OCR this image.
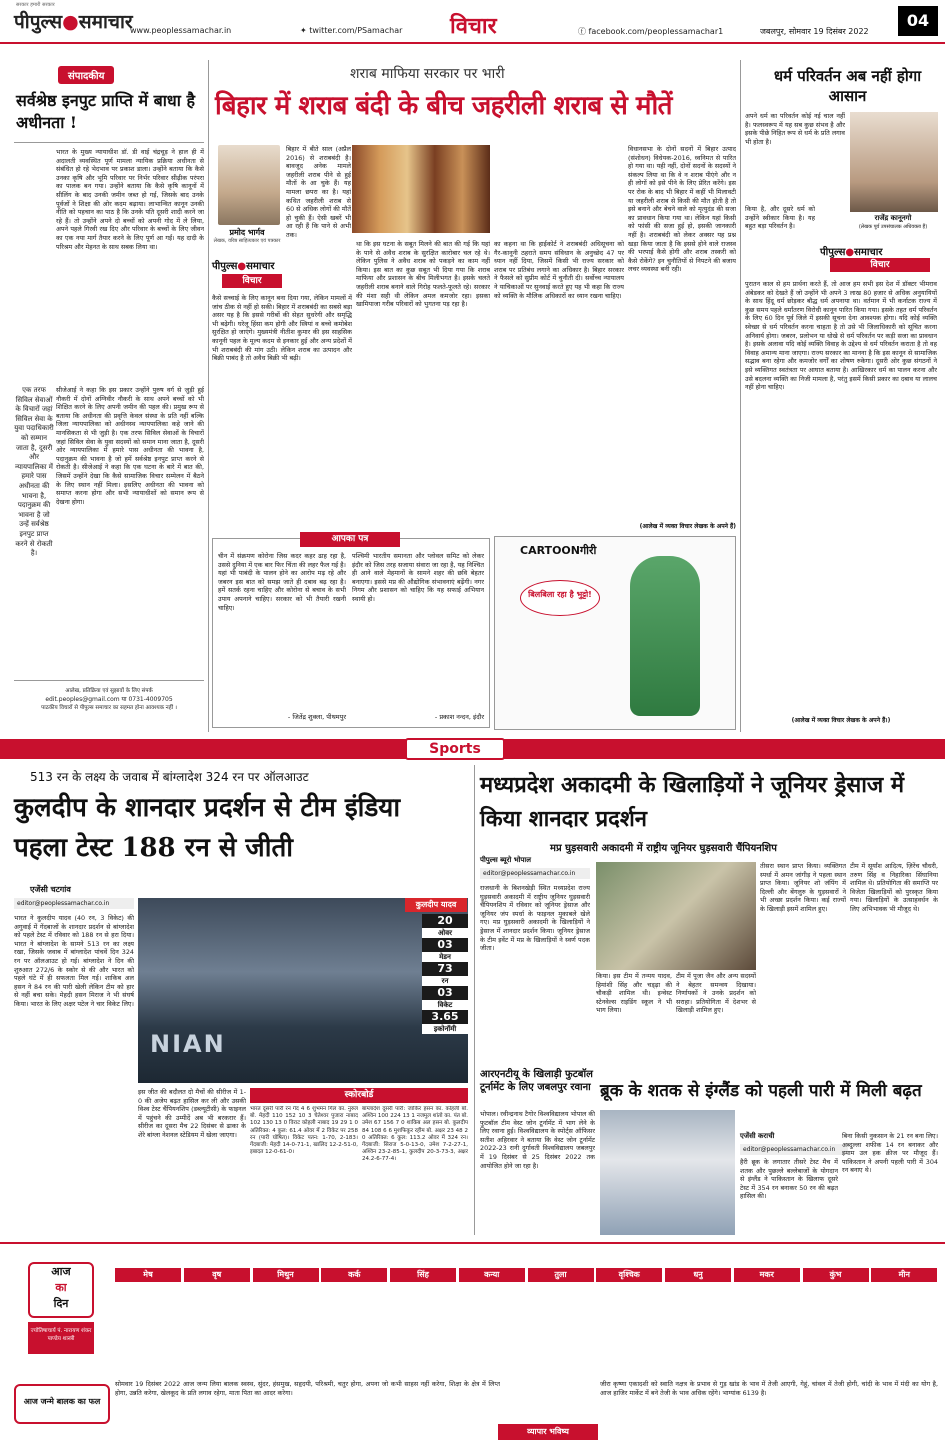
सरकार हमारी सरकार
पीपुल्स●समाचार
www.peoplessamachar.in	✦ twitter.com/PSamachar विचार	ⓕ facebook.com/peoplessamachar1	जबलपुर, सोमवार 19 दिसंबर 2022
04
संपादकीय
सर्वश्रेष्ठ इनपुट प्राप्ति में बाधा है अधीनता !
भारत के मुख्य न्यायाधीश डॉ. डी वाई चंद्रचूड़ ने हाल ही में अदालती व्यवस्थित पूर्ण मामला न्यायिक प्रक्रिया अधीनता से संबंधित हो रहे भेदभाव पर प्रकाश डाला। उन्होंने बताया कि कैसे उनका कृषि और भूमि परिवार पर निर्भर परिवार सीढ़ीक परंपरा का पालक बन गया। उन्होंने बताया कि कैसे कृषि कानूनों में सीलिंग के बाद उनकी जमीन जब्त हो गई, जिसके बाद उनके पूर्वजों ने शिक्षा की ओर कदम बढ़ाया। लाभान्वित कानून उनकी नीति को पहचान का पाठ है कि उनके पति दूसरी शादी करने जा रहे हैं। तो उन्होंने अपने दो बच्चों को अपनी गोद में ले लिया, अपने पहले गिरवी रख दिए और परिवार के बच्चों के लिए जीवन का एक नया मार्ग तैयार करने के लिए पूर्ण आ गईं। यह दादी के परिश्रम और मेहनत के साथ सबक लिया था।
एक तरफ सिविल सेवाओं के विचारों जहां सिविल सेवा के युवा पदाधिकारी को सम्मान जाता है, दूसरी और न्यायपालिका में हमारे पास अधीनता की भावना है, पदानुक्रम की भावना है जो उन्हें सर्वश्रेष्ठ इनपुट प्राप्त करने से रोकती है।
सीजेआई ने कहा कि इस प्रकार उन्होंने पुरुष वर्ग से जुड़ी हुई नौकरी में दोनों अग्निवीर नौकरी के साथ अपने बच्चों को भी शिक्षित करने के लिए अपनी जमीन की पहल की। प्रमुख रूप से बताया कि अधीनता की प्रवृत्ति केवल संस्था के प्रति नहीं बल्कि जिला न्यायपालिका को अधीनस्थ न्यायपालिका कहे जाने की मानसिकता से भी जुड़ी है। एक तरफ सिविल सेवाओं के विचारों जहां सिविल सेवा के युवा सदस्यों को समान माना जाता है, दूसरी ओर न्यायपालिका में हमारे पास अधीनता की भावना है, पदानुक्रम की भावना है जो हमें सर्वश्रेष्ठ इनपुट प्राप्त करने से रोकती है। सीजेआई ने कहा कि एक घटना के बारे में बात की, जिसमें उन्होंने देखा कि कैसे सामाजिक विचार सम्मेलन में बैठने के लिए स्थान नहीं मिला। इसलिए अधीनता की भावना को समाप्त करना होगा और सभी न्यायाधीशों को समान रूप से देखना होगा।
आलेख, प्रतिक्रिया एवं सुझावों के लिए संपर्क
edit.peoples@gmail.com या 0731-4009705
पाठकीय विचारों से पीपुल्स समाचार का सहमत होना आवश्यक नहीं ।
शराब माफिया सरकार पर भारी
बिहार में शराब बंदी के बीच जहरीली शराब से मौतें
प्रमोद भार्गव
लेखक, वरिष्ठ साहित्यकार एवं पत्रकार
पीपुल्स●समाचार
विचार
बिहार में बीते साल (अप्रैल 2016) से शराबबंदी है। बावजूद अनेक मामले जहरीली शराब पीने से हुई मौतों के आ चुके हैं। यह मामला छपरा का है। यहां कथित जहरीली शराब से 60 से अधिक लोगों की मौतें हो चुकी हैं। ऐसी खबरें भी आ रही हैं कि पाने से अभी तक।
कैसे सच्चाई के लिए कानून बना दिया गया, लेकिन मामलों में जांच ठीक से नहीं हो सकी। बिहार में शराबबंदी का सबसे बड़ा असर यह है कि इससे गरीबों की सेहत सुधरेगी और समृद्धि भी बढ़ेगी। घरेलू हिंसा कम होगी और स्त्रियां व बच्चे कमोबेश सुरक्षित हो जाएंगे। मुख्यमंत्री नीतीश कुमार की इस साहसिक कानूनी पहल के मूल्य कदम से इनकार हुई और अन्य प्रदेशों में भी शराबबंदी की मांग उठी। लेकिन शराब का उत्पादन और बिक्री पाबंद है तो अवैध बिक्री भी बढ़ी।
था कि इस घटना के सबूत मिलने की बात की गई कि यहां के पाने से अवैध शराब के सुरक्षित कारोबार चल रहे थे। लेकिन पुलिस ने अवैध शराब को पकड़ने का काम नहीं किया। इस बात का कुछ सबूत भी दिया गया कि शराब माफिया और प्रशासन के बीच मिलीभगत है। इसके चलते जहरीली शराब बनाने वाले गिरोह फलते-फूलते रहे। सरकार की मंशा सही थी लेकिन अमल कमजोर रहा। इसका खामियाजा गरीब परिवारों को भुगतना पड़ रहा है।
का कहना था कि हाईकोर्ट ने शराबबंदी अधिसूचना को गैर-कानूनी ठहराते समय संविधान के अनुच्छेद 47 पर ध्यान नहीं दिया, जिसमें किसी भी राज्य सरकार को शराब पर प्रतिबंध लगाने का अधिकार है। बिहार सरकार ने फैसले को सुप्रीम कोर्ट में चुनौती दी। सर्वोच्च न्यायालय ने याचिकाओं पर सुनवाई करते हुए यह भी कहा कि राज्य को व्यक्ति के मौलिक अधिकारों का ध्यान रखना चाहिए।
विधानसभा के दोनों सदनों में बिहार उत्पाद (संशोधन) विधेयक-2016, ध्वनिमत से पारित हो गया था। यही नहीं, दोनों सदनों के सदस्यों ने संकल्प लिया था कि वे न शराब पीएंगे और न ही लोगों को इसे पीने के लिए प्रेरित करेंगे। इस पर रोक के बाद भी बिहार में कहीं भी मिलावटी या जहरीली शराब से किसी की मौत होती है तो इसे बनाने और बेचने वाले को मृत्युदंड की सजा का प्रावधान किया गया था। लेकिन यहां किसी को फांसी की सजा हुई हो, इसकी जानकारी नहीं है। शराबबंदी को लेकर अक्सर यह प्रश्न खड़ा किया जाता है कि इससे होने वाले राजस्व की भरपाई कैसे होगी और शराब तस्करी को कैसे रोकेंगे? इन चुनौतियों से निपटने की बजाय लचर व्यवस्था बनी रही।
(आलेख में व्यक्त विचार लेखक के अपने हैं)
आपका पत्र
चीन में संक्रमण कोरोना जिस कदर कहर ढाह रहा है, उससे दुनिया में एक बार फिर चिंता की लहर फैल गई है। यहां भी पाबंदी के पालन होने का आरोप मढ़ रहे और जबरन इस बात को समझ जाते ही दबाव बढ़ रहा है। हमें सतर्क रहना चाहिए और कोरोना से बचाव के सभी उपाय अपनाने चाहिए। सरकार को भी तैयारी रखनी चाहिए।
- जितेंद्र शुक्ला, पीथमपुर
पश्चिमी भारतीय समानता और प्लोवल समिट को लेकर इंदौर को जिस तरह सजाया संवारा जा रहा है, यह निश्चित ही आने वाले मेहमानों के सामने शहर की छवि बेहतर बनाएगा। इससे मप्र की औद्योगिक संभावनाएं बढ़ेंगी। नगर निगम और प्रशासन को चाहिए कि यह सफाई अभियान स्थायी हो।
- प्रकाश नन्दन, इंदौर
CARTOONगीरी
बिलबिला रहा है भुट्टो!
धर्म परिवर्तन अब नहीं होगा आसान
अपने धर्म का परिवर्तन कोई नई चाल नहीं है। फलस्वरूप में यह सब कुछ संभव है और इसके पीछे निहित रूप से धर्म के प्रति लगाव भी होता है।
राजेंद्र कानूनगो
(लेखक पूर्व उपसंचालक अधिवक्ता हैं)
किया है, और दूसरे धर्म को उन्होंने स्वीकार किया है। यह बहुत बड़ा परिवर्तन है।
पीपुल्स●समाचार
विचार
पुरातन काल से हम प्रार्थना करते हैं, तो आज हम सभी इस देश में डॉक्टर भीमराव अंबेडकर को देखते हैं जो उन्होंने भी अपने 3 लाख 80 हजार से अधिक अनुयायियों के साथ हिंदू धर्म छोड़कर बौद्ध धर्म अपनाया था। वर्तमान में भी कर्नाटक राज्य में कुछ समय पहले धर्मांतरण विरोधी कानून पारित किया गया। इसके तहत धर्म परिवर्तन के लिए 60 दिन पूर्व जिले में इसकी सूचना देना आवश्यक होगा। यदि कोई व्यक्ति स्वेच्छा से धर्म परिवर्तन करना चाहता है तो उसे भी जिलाधिकारी को सूचित करना अनिवार्य होगा। जबरन, प्रलोभन या धोखे से धर्म परिवर्तन पर कड़ी सजा का प्रावधान है। इसके अलावा यदि कोई व्यक्ति विवाह के उद्देश्य से धर्म परिवर्तन कराता है तो वह विवाह अमान्य माना जाएगा। राज्य सरकार का मानना है कि इस कानून से सामाजिक सद्भाव बना रहेगा और कमजोर वर्गों का शोषण रुकेगा। दूसरी ओर कुछ संगठनों ने इसे व्यक्तिगत स्वतंत्रता पर आघात बताया है। आखिरकार धर्म का पालन करना और उसे बदलना व्यक्ति का निजी मामला है, परंतु इसमें किसी प्रकार का दबाव या लालच नहीं होना चाहिए।
(आलेख में व्यक्त विचार लेखक के अपने हैं।)
Sports
513 रन के लक्ष्य के जवाब में बांग्लादेश 324 रन पर ऑलआउट
कुलदीप के शानदार प्रदर्शन से टीम इंडिया पहला टेस्ट 188 रन से जीती
एजेंसी चटगांव
editor@peoplessamachar.co.in
भारत ने कुलदीप यादव (40 रन, 3 विकेट) की अगुवाई में गेंदबाजों के शानदार प्रदर्शन से बांग्लादेश को पहले टेस्ट में रविवार को 188 रन से हरा दिया। भारत ने बांग्लादेश के सामने 513 रन का लक्ष्य रखा, जिसके जवाब में बांग्लादेश पांचवें दिन 324 रन पर ऑलआउट हो गई। बांग्लादेश ने दिन की शुरुआत 272/6 के स्कोर से की और भारत को पहले घंटे में ही सफलता मिल गई। शाकिब अल हसन ने 84 रन की पारी खेली लेकिन टीम को हार से नहीं बचा सके। मेहदी हसन मिराज ने भी संघर्ष किया। भारत के लिए अक्षर पटेल ने चार विकेट लिए।
NIAN
कुलदीप यादव
20
ओवर
03
मेडन
73
रन
03
विकेट
3.65
इकोनॉमी
इस जीत की बदौलत दो मैचों की सीरीज में 1-0 की अजेय बढ़त हासिल कर ली और उसकी विश्व टेस्ट चैंपियनशिप (डब्ल्यूटीसी) के फाइनल में पहुंचने की उम्मीदें अब भी बरकरार हैं। सीरीज का दूसरा मैच 22 दिसंबर से ढाका के शेरे बांग्ला नेशनल स्टेडियम में खेला जाएगा।
स्कोरबोर्ड
भारत दूसरी पारी रन गेंद 4 6 शुभमन गिल का. नुरुल बो. मेहदी 110 152 10 3 चेतेश्वर पुजारा नाबाद 102 130 13 0 विराट कोहली नाबाद 19 29 1 0 अतिरिक्त: 4 कुल: 61.4 ओवर में 2 विकेट पर 258 रन (पारी घोषित)। विकेट पतन: 1-70, 2-183। गेंदबाजी: मेहदी 14-0-71-1, खालिद 12-2-51-0, इबादत 12-0-61-0।
बांग्लादेश दूसरी पारी: जाकिर हसन का. कोहली बो. अश्विन 100 224 13 1 नजमुल शांतो का. पंत बो. उमेश 67 156 7 0 शाकिब अल हसन बो. कुलदीप 84 108 6 6 मुशफिकुर रहीम बो. अक्षर 23 48 2 0 अतिरिक्त: 6 कुल: 113.2 ओवर में 324 रन। गेंदबाजी: सिराज 5-0-13-0, उमेश 7-2-27-1, अश्विन 23-2-85-1, कुलदीप 20-3-73-3, अक्षर 24.2-6-77-4।
मध्यप्रदेश अकादमी के खिलाड़ियों ने जूनियर ड्रेसाज में किया शानदार प्रदर्शन
मप्र घुड़सवारी अकादमी में राष्ट्रीय जूनियर घुड़सवारी चैंपियनशिप
पीपुल्स ब्यूरो भोपाल
editor@peoplessamachar.co.in
राजधानी के बिशनखेड़ी स्थित मध्यप्रदेश राज्य घुड़सवारी अकादमी में राष्ट्रीय जूनियर घुड़सवारी चैंपियनशिप में रविवार को जूनियर ड्रेसाज और जूनियर जंप स्पर्धा के फाइनल मुकाबले खेले गए। मप्र घुड़सवारी अकादमी के खिलाड़ियों ने ड्रेसाज में शानदार प्रदर्शन किया। जूनियर ड्रेसाज के टीम इवेंट में मप्र के खिलाड़ियों ने स्वर्ण पदक जीता।
किया। इस टीम में तन्मय यादव, हिमांशी सिंह और चड्ढ़ा की चौकड़ी शामिल थी। इन्वेस्ट स्टेनवेल्स राइडिंग स्कूल ने भी भाग लिया।
टीम में पूजा जैन और अन्य सदस्यों ने बेहतर समन्वय दिखाया। निर्णायकों ने उनके प्रदर्शन को सराहा। प्रतियोगिता में देशभर से खिलाड़ी शामिल हुए।
तीसरा स्थान प्राप्त किया। व्यक्तिगत स्पर्धा में अमन जांगीड़ ने पहला स्थान प्राप्त किया। जूनियर शो जंपिंग में दिल्ली और बेंगलुरु के घुड़सवारों ने भी अच्छा प्रदर्शन किया। कई राज्यों के खिलाड़ी इसमें शामिल हुए।
टीम में सूर्यांश आदित्य, ज़िरेंच चौधरी, तरुण सिंह व निहारिका सिंघानिया शामिल थे। प्रतियोगिता की समाप्ति पर विजेता खिलाड़ियों को पुरस्कृत किया गया। खिलाड़ियों के उत्साहवर्धन के लिए अभिभावक भी मौजूद थे।
आरएनटीयू के खिलाड़ी फुटबॉल टूर्नामेंट के लिए जबलपुर रवाना
भोपाल। रवीन्द्रनाथ टैगोर विश्वविद्यालय भोपाल की फुटबॉल टीम वेस्ट जोन टूर्नामेंट में भाग लेने के लिए रवाना हुई। विश्वविद्यालय के स्पोर्ट्स ऑफिसर सतीश अहिरवार ने बताया कि वेस्ट जोन टूर्नामेंट 2022-23 रानी दुर्गावती विश्वविद्यालय जबलपुर में 19 दिसंबर से 25 दिसंबर 2022 तक आयोजित होने जा रहा है।
ब्रूक के शतक से इंग्लैंड को पहली पारी में मिली बढ़त
एजेंसी कराची
editor@peoplessamachar.co.in
हैरी ब्रूक के लगातार तीसरे टेस्ट मैच में शतक और पुछल्ले बल्लेबाजों के योगदान से इंग्लैंड ने पाकिस्तान के खिलाफ दूसरे टेस्ट में 354 रन बनाकर 50 रन की बढ़त हासिल की।
बिना किसी नुकसान के 21 रन बना लिए। अब्दुल्ला शफीक 14 रन बनाकर और इमाम उल हक क्रीज पर मौजूद हैं। पाकिस्तान ने अपनी पहली पारी में 304 रन बनाए थे।
आज
का
दिन
ज्योतिषाचार्य पं. नारायण शंकर पाण्डेय शास्त्री
आज जन्मे बालक का फल
मेष	वृष	मिथुन	कर्क	सिंह	कन्या	तुला	वृश्चिक	धनु	मकर	कुंभ	मीन
सोमवार 19 दिसंबर 2022 आज जन्म लिया बालक स्वस्थ, सुंदर, हंसमुख, सहृदयी, परिश्रमी, चतुर होगा, अपना जो कभी साहस नहीं करेगा, शिक्षा के क्षेत्र में लिप्त होगा, उन्नति करेगा, खेलकूद के प्रति लगाव रहेगा, माता पिता का आदर करेगा।
जीरा कृष्णा एकादशी को स्वाति नक्षत्र के प्रभाव से गुड़ खांड के भाव में तेजी आएगी, गेहूं, चांवल में तेजी होगी, चांदी के भाव में मंदी का योग है, आज हाजिर मार्केट में बने तेजी के भाव अधिक रहेंगे। भाग्यांक 6139 है।
व्यापार भविष्य
